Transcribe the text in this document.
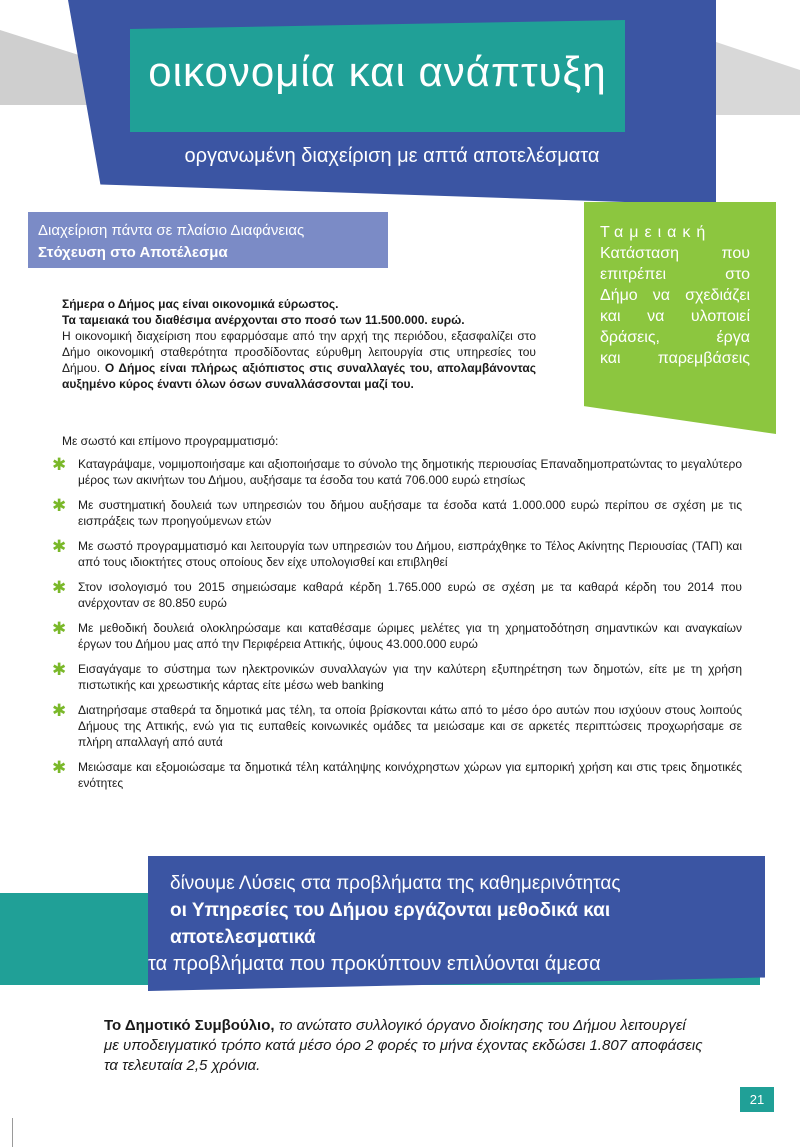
οικονομία και ανάπτυξη
οργανωμένη διαχείριση με απτά αποτελέσματα
Διαχείριση πάντα σε πλαίσιο Διαφάνειας
Στόχευση στο Αποτέλεσμα
Ταμειακή
Κατάσταση που
επιτρέπει στο
Δήμο να σχεδιάζει
και να υλοποιεί
δράσεις, έργα
και παρεμβάσεις
Σήμερα ο Δήμος μας είναι οικονομικά εύρωστος.
Τα ταμειακά του διαθέσιμα ανέρχονται στο ποσό των 11.500.000. ευρώ.
Η οικονομική διαχείριση που εφαρμόσαμε από την αρχή της περιόδου, εξασφαλίζει στο Δήμο οικονομική σταθερότητα προσδίδοντας εύρυθμη λειτουργία στις υπηρεσίες του Δήμου. Ο Δήμος είναι πλήρως αξιόπιστος στις συναλλαγές του, απολαμβάνοντας αυξημένο κύρος έναντι όλων όσων συναλλάσσονται μαζί του.
Με σωστό και επίμονο προγραμματισμό:
✱ Καταγράψαμε, νομιμοποιήσαμε και αξιοποιήσαμε το σύνολο της δημοτικής περιουσίας Επαναδημοπρατώντας το μεγαλύτερο μέρος των ακινήτων του Δήμου, αυξήσαμε τα έσοδα του κατά 706.000 ευρώ ετησίως
✱ Με συστηματική δουλειά των υπηρεσιών του δήμου αυξήσαμε τα έσοδα κατά 1.000.000 ευρώ περίπου σε σχέση με τις εισπράξεις των προηγούμενων ετών
✱ Με σωστό προγραμματισμό και λειτουργία των υπηρεσιών του Δήμου, εισπράχθηκε το Τέλος Ακίνητης Περιουσίας (ΤΑΠ) και από τους ιδιοκτήτες στους οποίους δεν είχε υπολογισθεί και επιβληθεί
✱ Στον ισολογισμό του 2015 σημειώσαμε καθαρά κέρδη 1.765.000 ευρώ σε σχέση με τα καθαρά κέρδη του 2014 που ανέρχονταν σε 80.850 ευρώ
✱ Με μεθοδική δουλειά ολοκληρώσαμε και καταθέσαμε ώριμες μελέτες για τη χρηματοδότηση σημαντικών και αναγκαίων έργων του Δήμου μας από την Περιφέρεια Αττικής, ύψους 43.000.000 ευρώ
✱ Εισαγάγαμε το σύστημα των ηλεκτρονικών συναλλαγών για την καλύτερη εξυπηρέτηση των δημοτών, είτε με τη χρήση πιστωτικής και χρεωστικής κάρτας είτε μέσω web banking
✱ Διατηρήσαμε σταθερά τα δημοτικά μας τέλη, τα οποία βρίσκονται κάτω από το μέσο όρο αυτών που ισχύουν στους λοιπούς Δήμους της Αττικής, ενώ για τις ευπαθείς κοινωνικές ομάδες τα μειώσαμε και σε αρκετές περιπτώσεις προχωρήσαμε σε πλήρη απαλλαγή από αυτά
✱ Μειώσαμε και εξομοιώσαμε τα δημοτικά τέλη κατάληψης κοινόχρηστων χώρων για εμπορική χρήση και στις τρεις δημοτικές ενότητες
δίνουμε Λύσεις στα προβλήματα της καθημερινότητας
οι Υπηρεσίες του Δήμου εργάζονται μεθοδικά και αποτελεσματικά
τα προβλήματα που προκύπτουν επιλύονται άμεσα
Το Δημοτικό Συμβούλιο, το ανώτατο συλλογικό όργανο διοίκησης του Δήμου λειτουργεί με υποδειγματικό τρόπο κατά μέσο όρο 2 φορές το μήνα έχοντας εκδώσει 1.807 αποφάσεις τα τελευταία 2,5 χρόνια.
21
